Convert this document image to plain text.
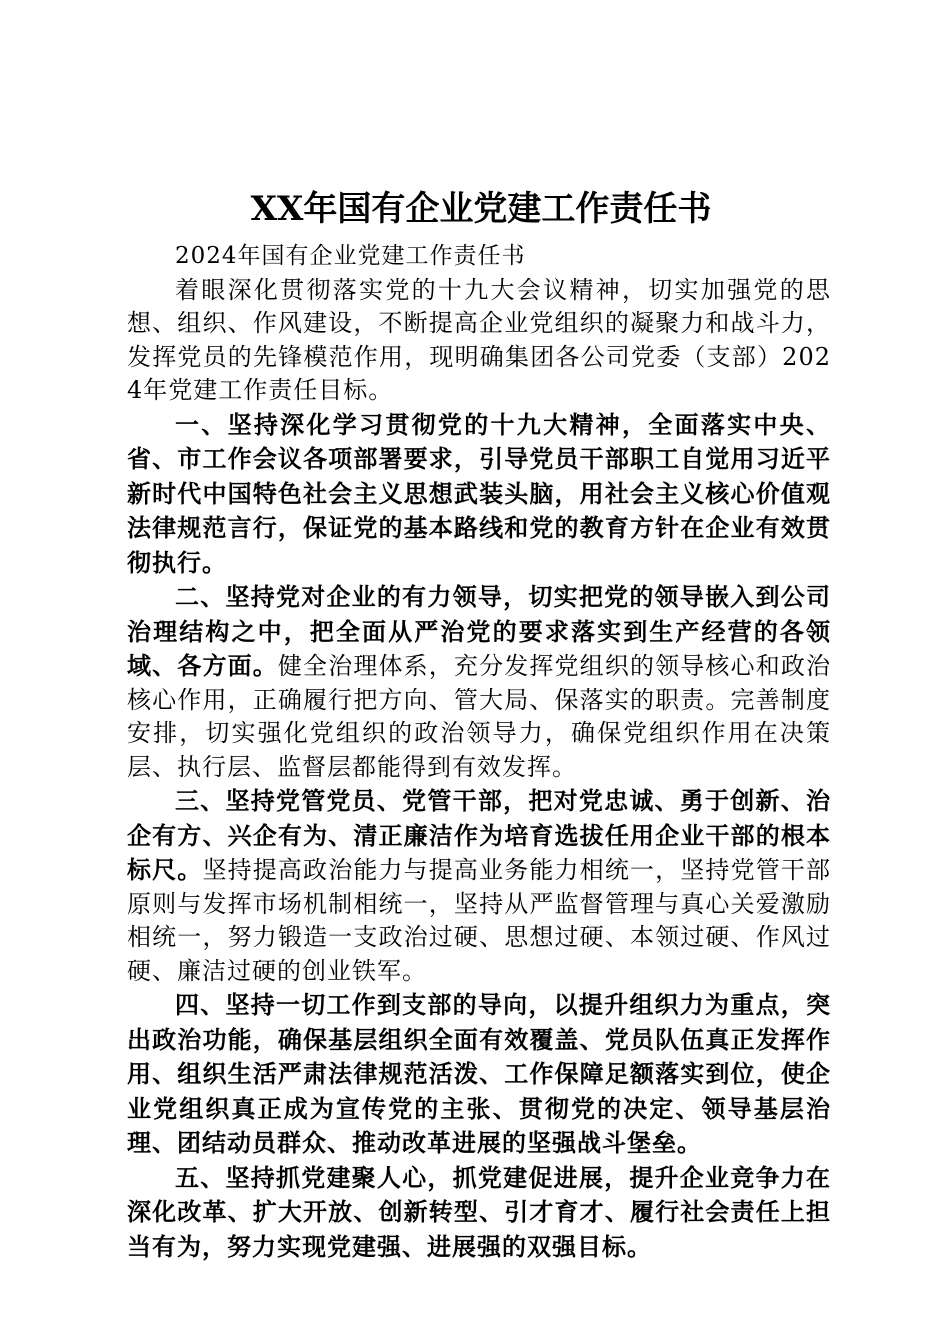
XX年国有企业党建工作责任书

2024年国有企业党建工作责任书

着眼深化贯彻落实党的十九大会议精神，切实加强党的思想、组织、作风建设，不断提高企业党组织的凝聚力和战斗力，发挥党员的先锋模范作用，现明确集团各公司党委（支部）2024年党建工作责任目标。

一、坚持深化学习贯彻党的十九大精神，全面落实中央、省、市工作会议各项部署要求，引导党员干部职工自觉用习近平新时代中国特色社会主义思想武装头脑，用社会主义核心价值观法律规范言行，保证党的基本路线和党的教育方针在企业有效贯彻执行。

二、坚持党对企业的有力领导，切实把党的领导嵌入到公司治理结构之中，把全面从严治党的要求落实到生产经营的各领域、各方面。健全治理体系，充分发挥党组织的领导核心和政治核心作用，正确履行把方向、管大局、保落实的职责。完善制度安排，切实强化党组织的政治领导力，确保党组织作用在决策层、执行层、监督层都能得到有效发挥。

三、坚持党管党员、党管干部，把对党忠诚、勇于创新、治企有方、兴企有为、清正廉洁作为培育选拔任用企业干部的根本标尺。坚持提高政治能力与提高业务能力相统一，坚持党管干部原则与发挥市场机制相统一，坚持从严监督管理与真心关爱激励相统一，努力锻造一支政治过硬、思想过硬、本领过硬、作风过硬、廉洁过硬的创业铁军。

四、坚持一切工作到支部的导向，以提升组织力为重点，突出政治功能，确保基层组织全面有效覆盖、党员队伍真正发挥作用、组织生活严肃法律规范活泼、工作保障足额落实到位，使企业党组织真正成为宣传党的主张、贯彻党的决定、领导基层治理、团结动员群众、推动改革进展的坚强战斗堡垒。

五、坚持抓党建聚人心，抓党建促进展，提升企业竞争力在深化改革、扩大开放、创新转型、引才育才、履行社会责任上担当有为，努力实现党建强、进展强的双强目标。
